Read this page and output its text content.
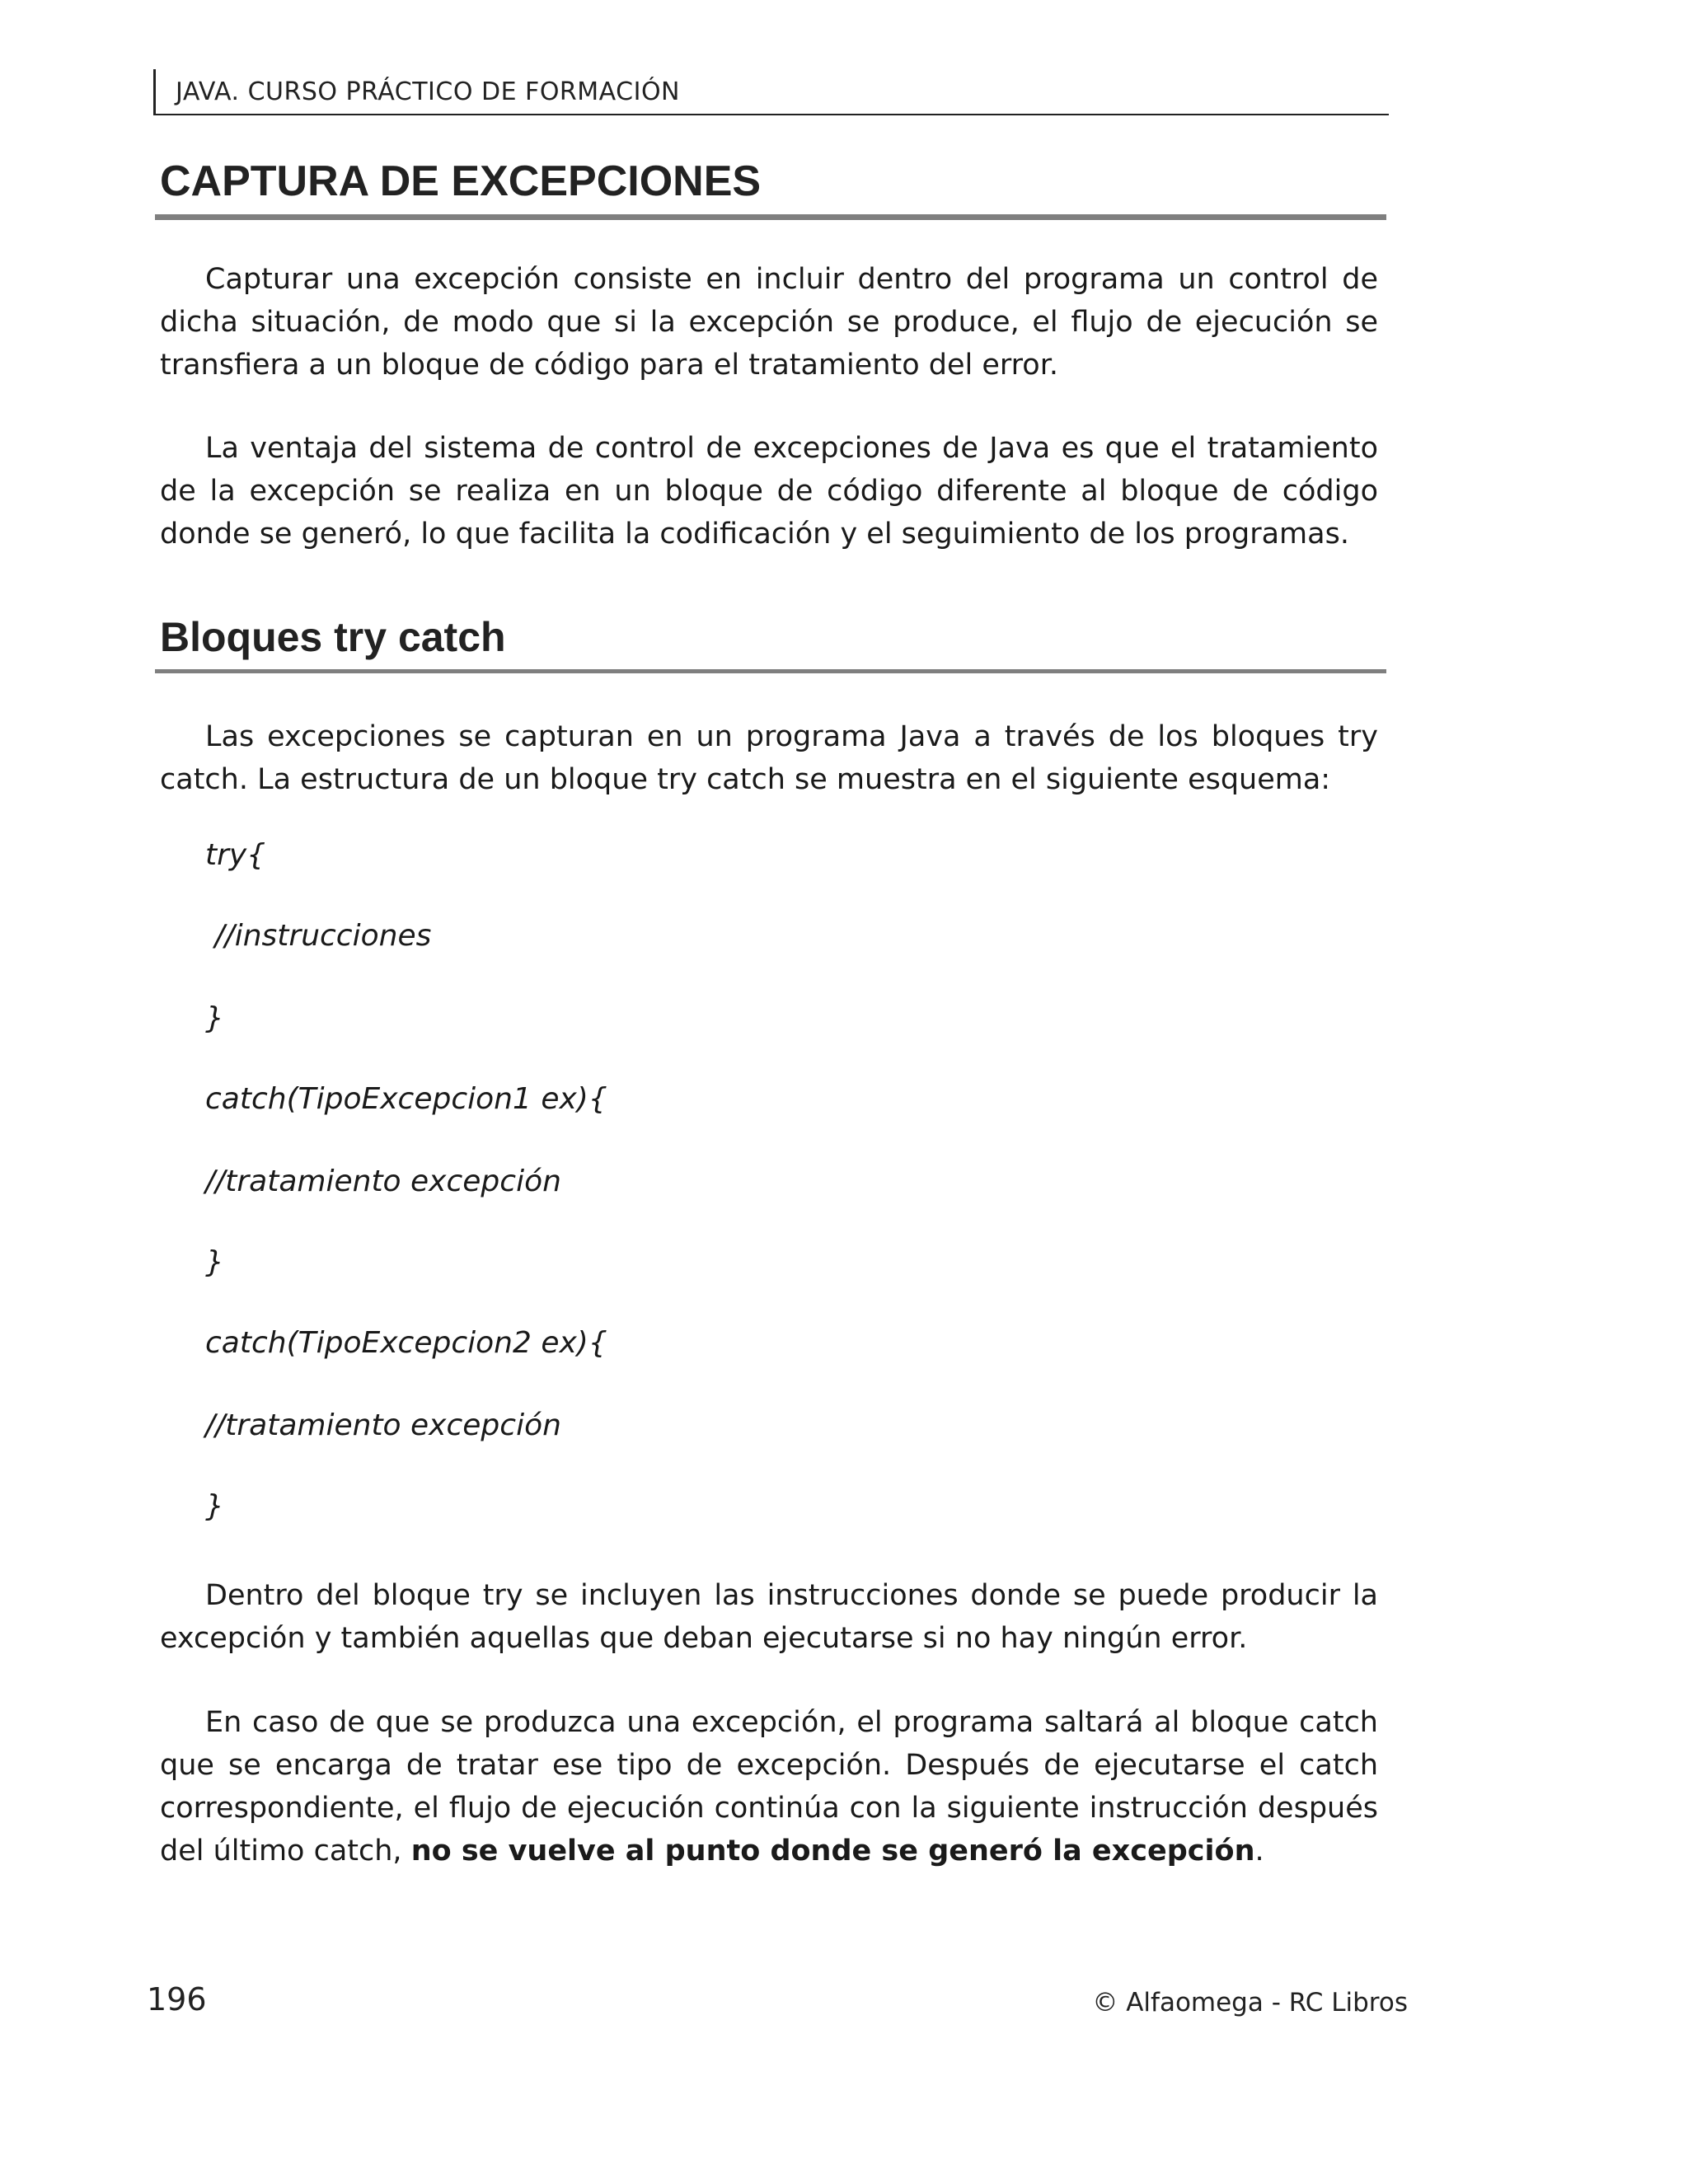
JAVA. CURSO PRÁCTICO DE FORMACIÓN
CAPTURA DE EXCEPCIONES

Capturar una excepción consiste en incluir dentro del programa un control de dicha situación, de modo que si la excepción se produce, el flujo de ejecución se transfiera a un bloque de código para el tratamiento del error.

La ventaja del sistema de control de excepciones de Java es que el tratamiento de la excepción se realiza en un bloque de código diferente al bloque de código donde se generó, lo que facilita la codificación y el seguimiento de los programas.

Bloques try catch

Las excepciones se capturan en un programa Java a través de los bloques try catch. La estructura de un bloque try catch se muestra en el siguiente esquema:

try{

//instrucciones

}

catch(TipoExcepcion1 ex){

//tratamiento excepción

}

catch(TipoExcepcion2 ex){

//tratamiento excepción

}

Dentro del bloque try se incluyen las instrucciones donde se puede producir la excepción y también aquellas que deban ejecutarse si no hay ningún error.

En caso de que se produzca una excepción, el programa saltará al bloque catch que se encarga de tratar ese tipo de excepción. Después de ejecutarse el catch correspondiente, el flujo de ejecución continúa con la siguiente instrucción después del último catch, no se vuelve al punto donde se generó la excepción.

196	© Alfaomega - RC Libros
